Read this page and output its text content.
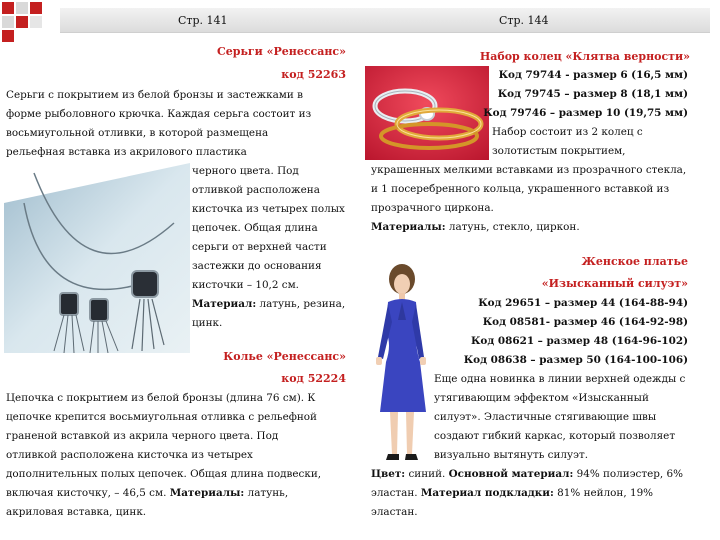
Стр. 141	Стр. 144
Серьги «Ренессанс»
код 52263
Серьги с покрытием из белой бронзы и застежками в
форме рыболовного крючка. Каждая серьга состоит из
восьмиугольной отливки, в которой размещена
рельефная вставка из акрилового пластика
черного цвета. Под
отливкой расположена
кисточка из четырех полых
цепочек. Общая длина
серьги от верхней части
застежки до основания
кисточки – 10,2 см.
Материал: латунь, резина,
цинк.
Колье «Ренессанс»
код 52224
Цепочка с покрытием из белой бронзы (длина 76 см). К
цепочке крепится восьмиугольная отливка с рельефной
граненой вставкой из акрила черного цвета. Под
отливкой расположена кисточка из четырех
дополнительных полых цепочек. Общая длина подвески,
включая кисточку, – 46,5 см. Материалы: латунь,
акриловая вставка, цинк.
Набор колец «Клятва верности»
Код 79744 - размер 6 (16,5 мм)
Код 79745 – размер 8 (18,1 мм)
Код 79746 – размер 10 (19,75 мм)
Набор состоит из 2 колец с
золотистым покрытием,
украшенных мелкими вставками из прозрачного стекла,
и 1 посеребренного кольца, украшенного вставкой из
прозрачного циркона.
Материалы: латунь, стекло, циркон.
Женское платье
«Изысканный силуэт»
Код 29651 – размер 44 (164-88-94)
Код 08581- размер 46 (164-92-98)
Код 08621 – размер 48 (164-96-102)
Код 08638 – размер 50 (164-100-106)
Еще одна новинка в линии верхней одежды с
утягивающим эффектом «Изысканный
силуэт». Эластичные стягивающие швы
создают гибкий каркас, который позволяет
визуально вытянуть силуэт.
Цвет: синий. Основной материал: 94% полиэстер, 6%
эластан. Материал подкладки: 81% нейлон, 19%
эластан.
